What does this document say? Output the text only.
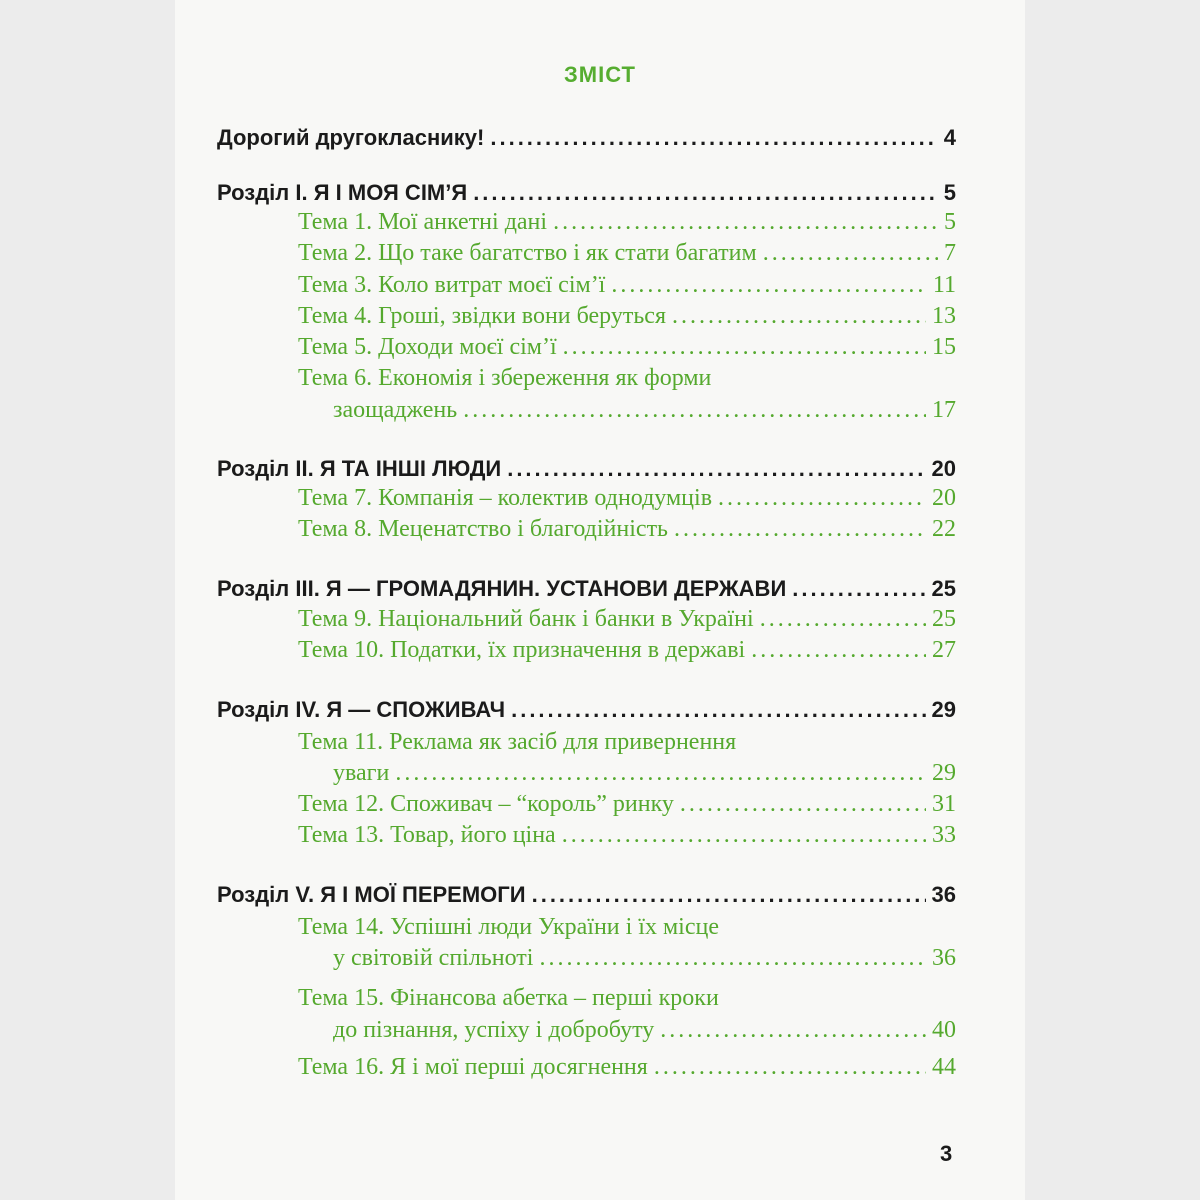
ЗМІСТ
Дорогий другокласнику! .....	4
Розділ І. Я І МОЯ СІМ’Я .....	5
Тема 1. Мої анкетні дані .....	5
Тема 2. Що таке багатство і як стати багатим .....	7
Тема 3. Коло витрат моєї сім’ї .....	11
Тема 4. Гроші, звідки вони беруться .....	13
Тема 5. Доходи моєї сім’ї .....	15
Тема 6. Економія і збереження як форми
заощаджень .....	17
Розділ ІІ. Я ТА ІНШІ ЛЮДИ .....	20
Тема 7. Компанія – колектив однодумців .....	20
Тема 8. Меценатство і благодійність .....	22
Розділ ІІІ. Я — ГРОМАДЯНИН. УСТАНОВИ ДЕРЖАВИ .....	25
Тема 9. Національний банк і банки в Україні .....	25
Тема 10. Податки, їх призначення в державі .....	27
Розділ ІV. Я — СПОЖИВАЧ .....	29
Тема 11. Реклама як засіб для привернення
уваги .....	29
Тема 12. Споживач – “король” ринку .....	31
Тема 13. Товар, його ціна .....	33
Розділ V. Я І МОЇ ПЕРЕМОГИ .....	36
Тема 14. Успішні люди України і їх місце
у світовій спільноті .....	36
Тема 15. Фінансова абетка – перші кроки
до пізнання, успіху і добробуту .....	40
Тема 16. Я і мої перші досягнення .....	44
3
